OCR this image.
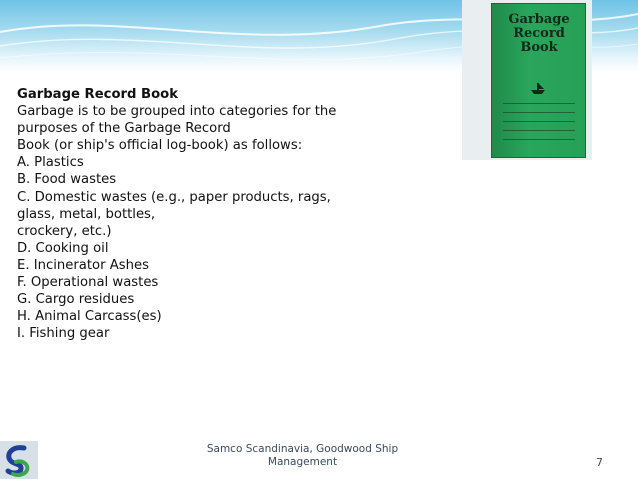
Garbage Record Book
Garbage is to be grouped into categories for the
purposes of the Garbage Record
Book (or ship's official log-book) as follows:
A. Plastics
B. Food wastes
C. Domestic wastes (e.g., paper products, rags,
glass, metal, bottles,
crockery, etc.)
D. Cooking oil
E. Incinerator Ashes
F. Operational wastes
G. Cargo residues
H. Animal Carcass(es)
I. Fishing gear
Garbage
Record
Book
Samco Scandinavia, Goodwood Ship
Management	7
